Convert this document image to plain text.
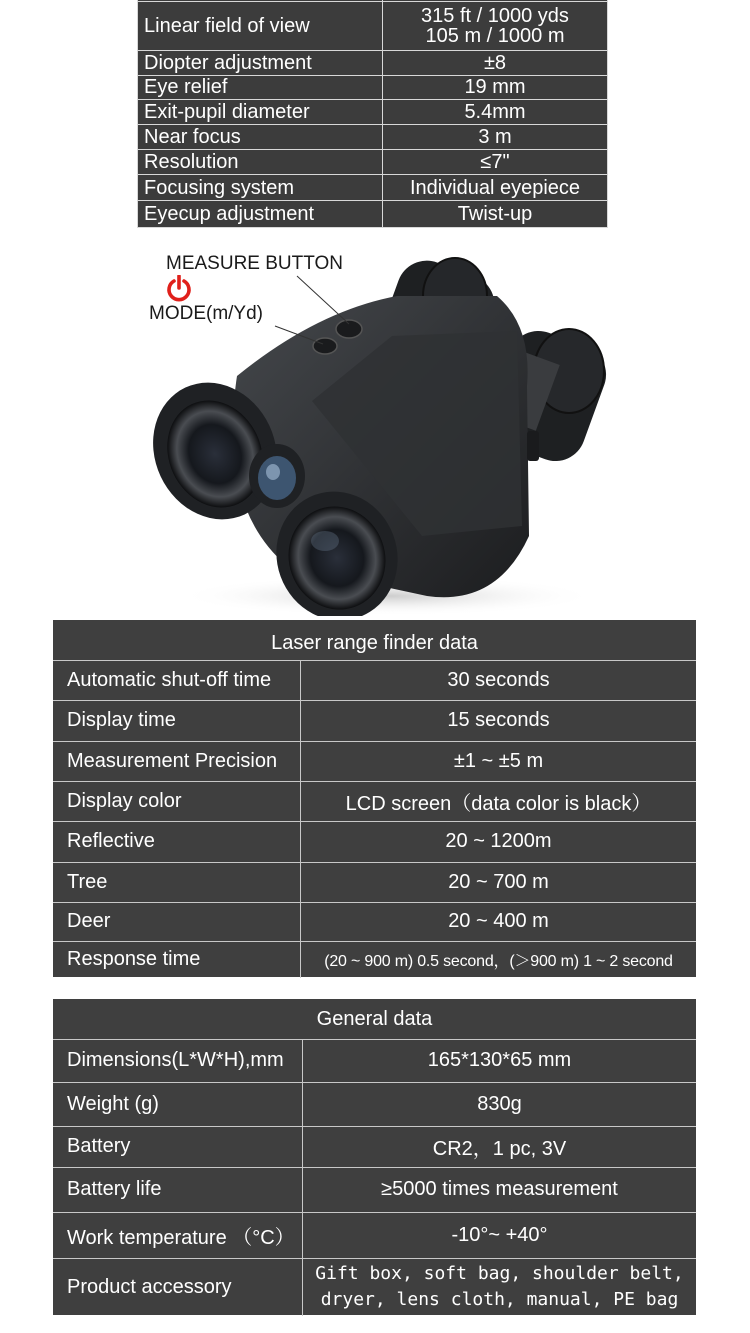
Linear field of view	315 ft / 1000 yds
105 m / 1000 m

Diopter adjustment	±8
Eye relief	19 mm
Exit-pupil diameter	5.4mm
Near focus	3 m
Resolution	≤7"
Focusing system	Individual eyepiece
Eyecup adjustment	Twist-up
MEASURE BUTTON
MODE(m/Yd)
Laser range finder data
Automatic shut-off time	30 seconds
Display time	15 seconds
Measurement Precision	±1 ~ ±5 m
Display color	LCD screen（data color is black）
Reflective	20 ~ 1200m
Tree	20 ~ 700 m
Deer	20 ~ 400 m
Response time	(20 ~ 900 m) 0.5 second，(＞900 m) 1 ~ 2 second
General data
Dimensions(L*W*H),mm	165*130*65 mm
Weight (g)	830g
Battery	CR2，1 pc, 3V
Battery life	≥5000 times measurement
Work temperature （°C）	-10°~ +40°
Product accessory	Gift box, soft bag, shoulder belt,
dryer, lens cloth, manual, PE bag
